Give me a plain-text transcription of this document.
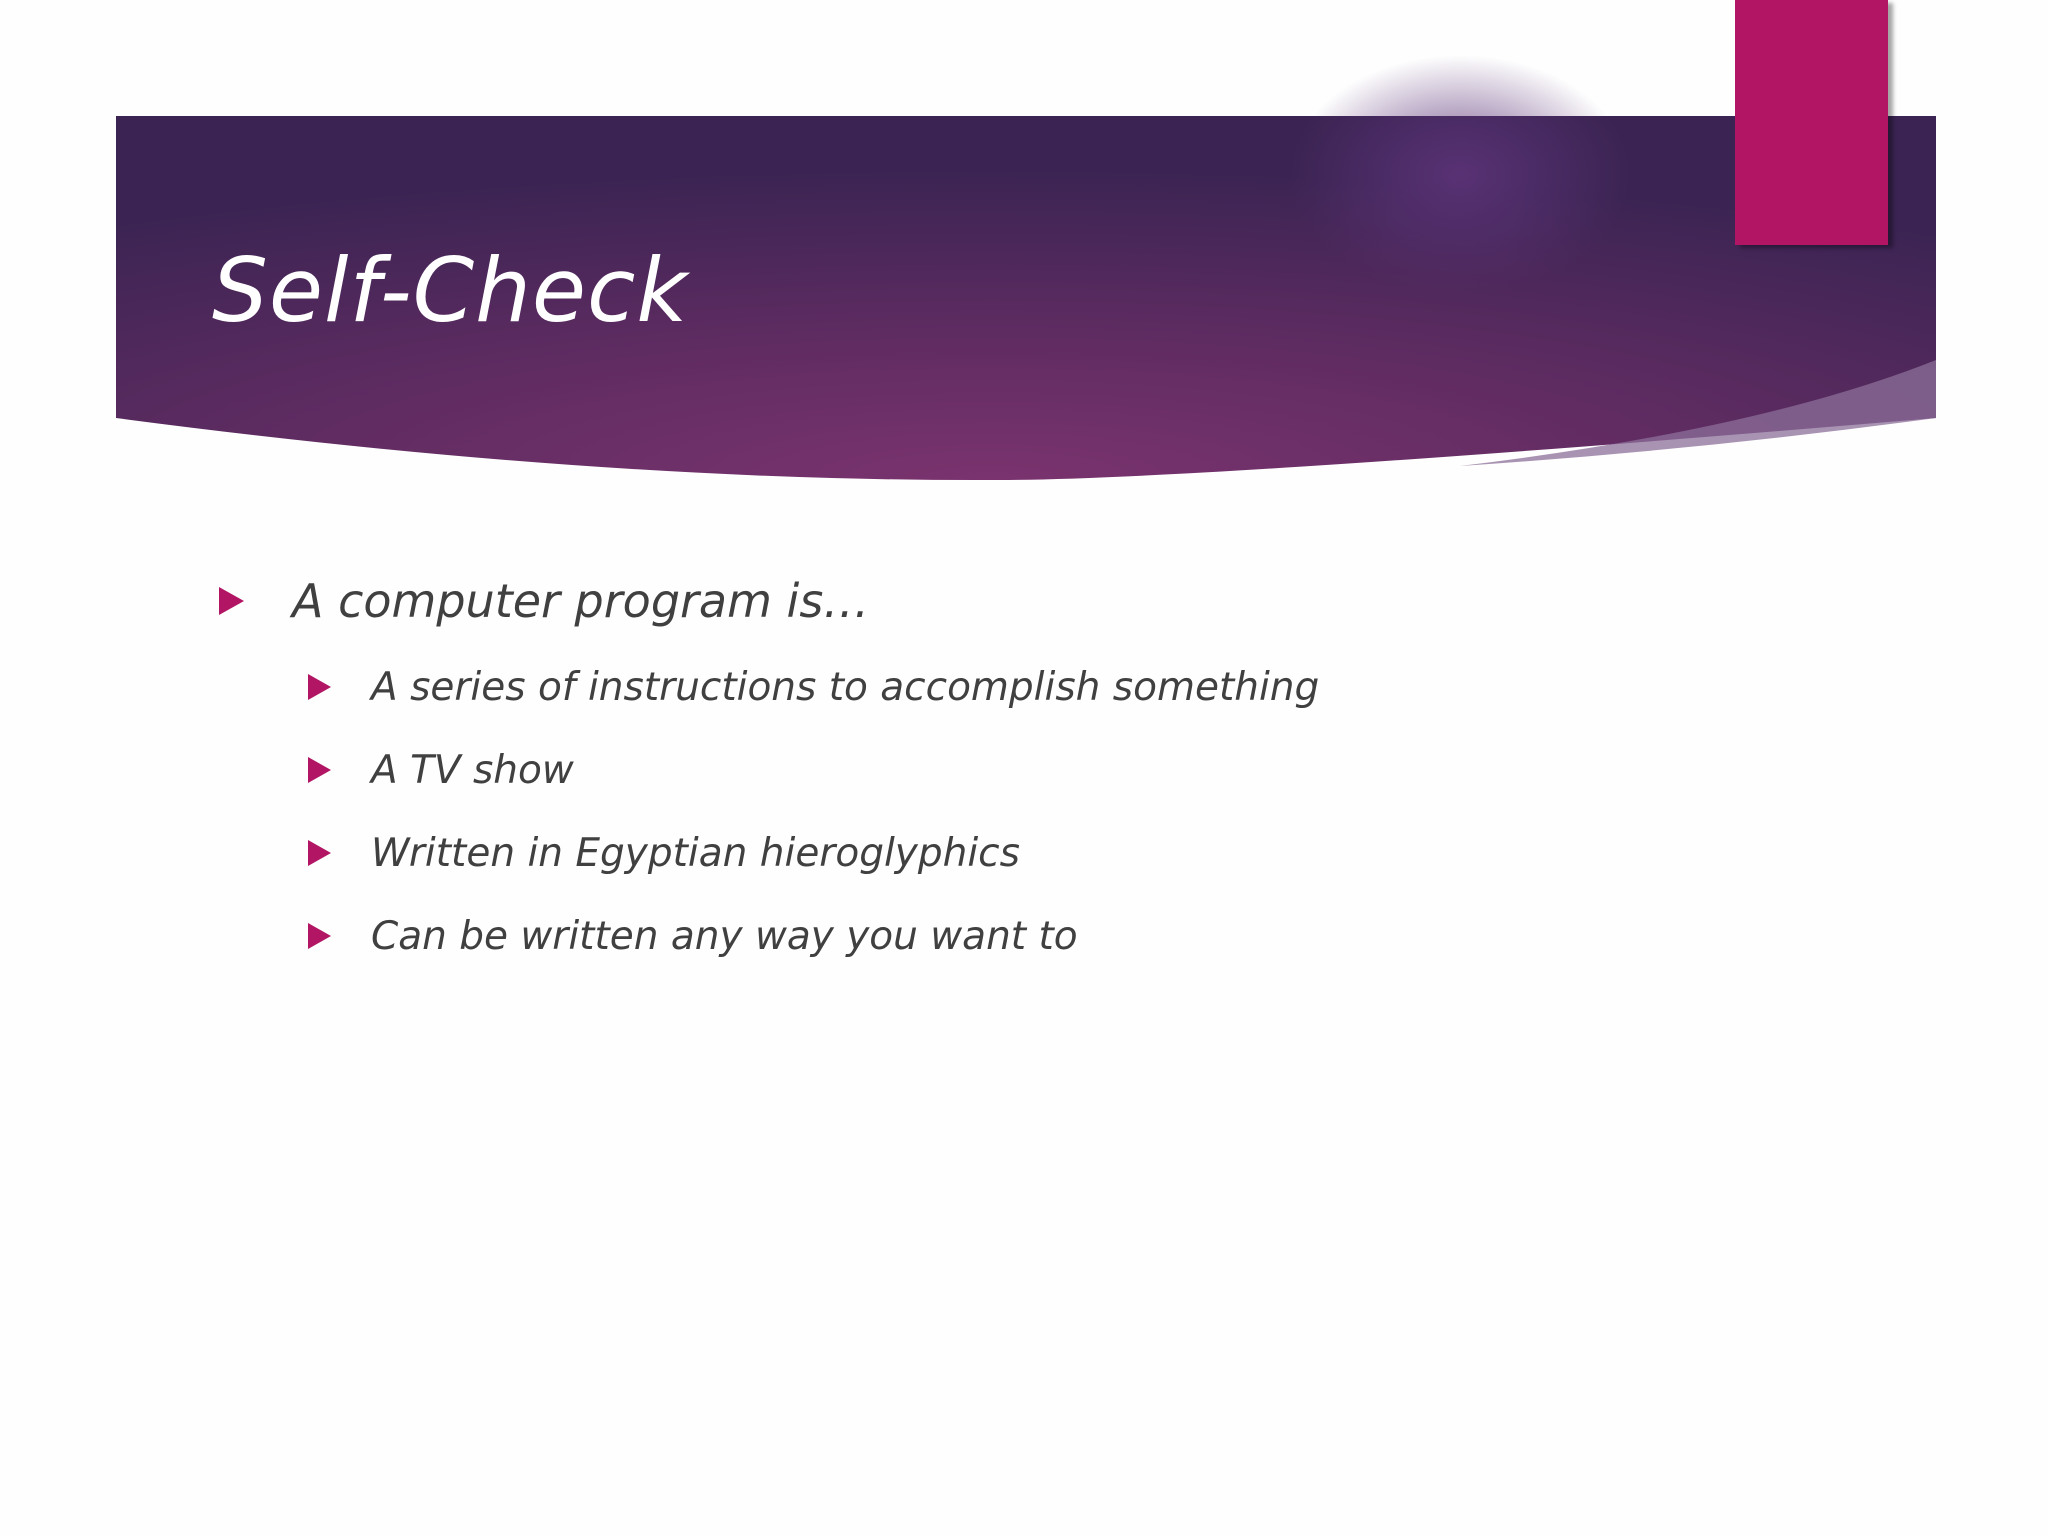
Self-Check
A computer program is…
A series of instructions to accomplish something
A TV show
Written in Egyptian hieroglyphics
Can be written any way you want to
